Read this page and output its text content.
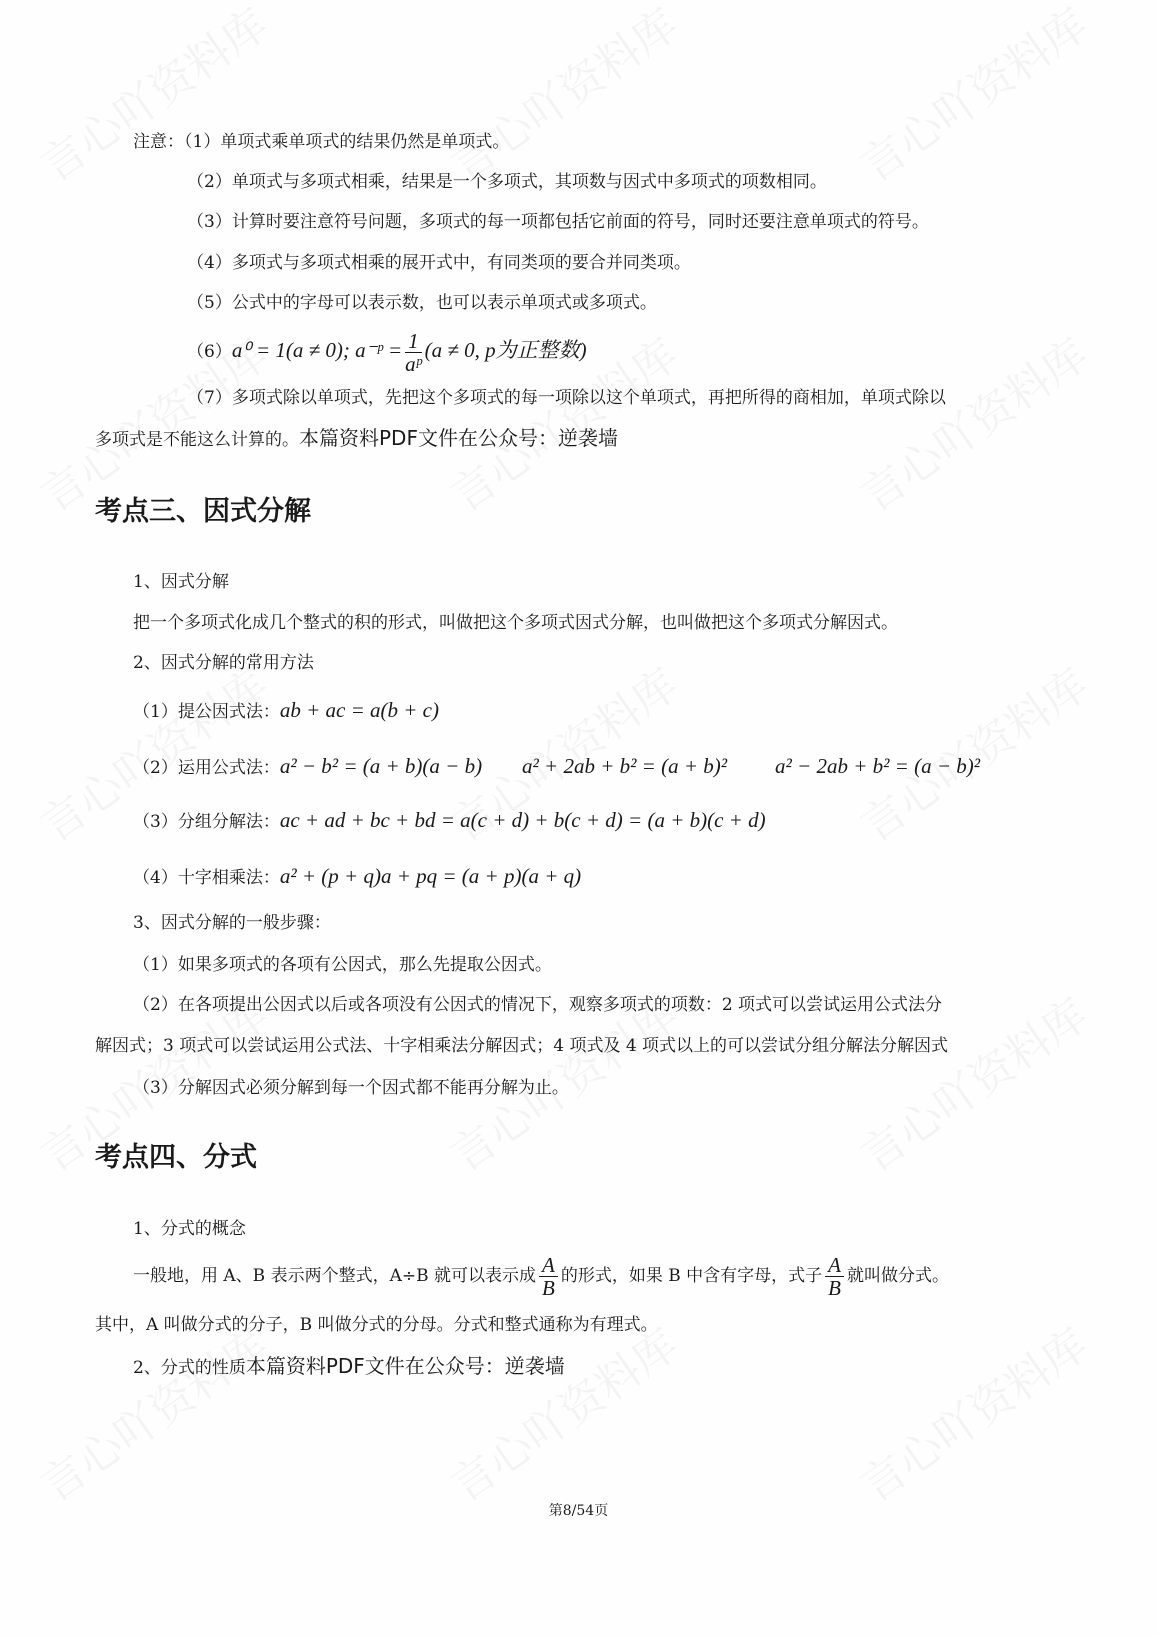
注意：（1）单项式乘单项式的结果仍然是单项式。
（2）单项式与多项式相乘，结果是一个多项式，其项数与因式中多项式的项数相同。
（3）计算时要注意符号问题，多项式的每一项都包括它前面的符号，同时还要注意单项式的符号。
（4）多项式与多项式相乘的展开式中，有同类项的要合并同类项。
（5）公式中的字母可以表示数，也可以表示单项式或多项式。
（6）a⁰ = 1(a ≠ 0); a⁻ᵖ = $\frac{1}{\text{aᵖ}} (a \ne 0$, p为正整数)
（7）多项式除以单项式，先把这个多项式的每一项除以这个单项式，再把所得的商相加，单项式除以
多项式是不能这么计算的。本篇资料PDF文件在公众号：逆袭墙
考点三、因式分解
1、因式分解
把一个多项式化成几个整式的积的形式，叫做把这个多项式因式分解，也叫做把这个多项式分解因式。
2、因式分解的常用方法
（1）提公因式法：ab + ac = a(b + c)
（2）运用公式法：a² − b² = (a + b)(a − b) a² + 2ab + b² = (a + b)² a² − 2ab + b² = (a − b)²
（3）分组分解法：ac + ad + bc + bd = a(c + d) + b(c + d) = (a + b)(c + d)
（4）十字相乘法：a² + (p + q)a + pq = (a + p)(a + q)
3、因式分解的一般步骤：
（1）如果多项式的各项有公因式，那么先提取公因式。
（2）在各项提出公因式以后或各项没有公因式的情况下，观察多项式的项数：2 项式可以尝试运用公式法分
解因式；3 项式可以尝试运用公式法、十字相乘法分解因式；4 项式及 4 项式以上的可以尝试分组分解法分解因式
（3）分解因式必须分解到每一个因式都不能再分解为止。
考点四、分式
1、分式的概念
一般地，用 A、B 表示两个整式，A÷B 就可以表示成 $\frac{A}{B}$ 的形式，如果 B 中含有字母，式子 $\frac{A}{B}$ 就叫做分式。
其中，A 叫做分式的分子，B 叫做分式的分母。分式和整式通称为有理式。
2、分式的性质本篇资料PDF文件在公众号：逆袭墙
第8/54页
